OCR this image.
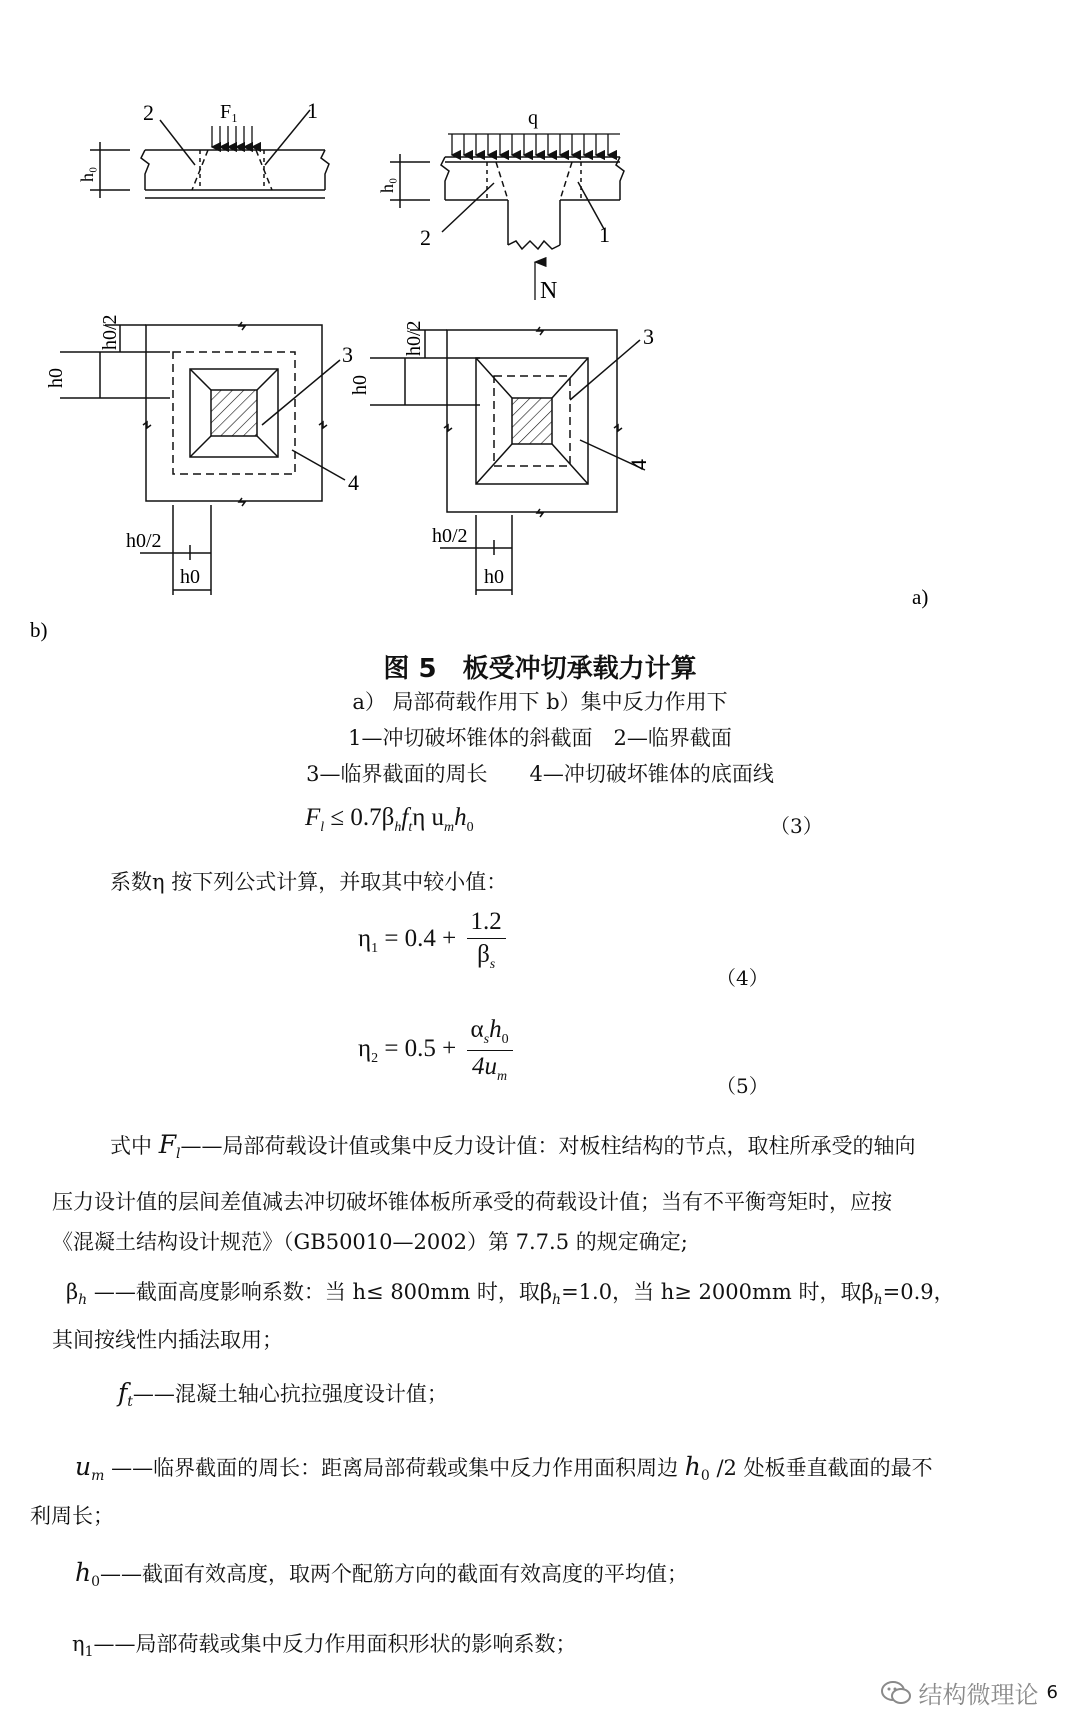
F₁
2	1
h₀
q
N
2	1
h₀
3
4
h0/2
h0
h0/2
h0
3
4
h0/2
h0
h0/2
h0
a)
b)
图 5　板受冲切承载力计算
a） 局部荷载作用下 b）集中反力作用下
1—冲切破坏锥体的斜截面　2—临界截面
3—临界截面的周长　　4—冲切破坏锥体的底面线
$F_l \le 0.7\beta_hf_t\eta$ $u_mh_0$	（3）
系数η 按下列公式计算，并取其中较小值：
$\eta_1 = 0.4 + \frac{1.2}{\beta_s}$
（4）
$\eta_2 = 0.5 + \frac{\alpha_sh_0}{4u_m}$
（5）
式中 $F_l——$局部荷载设计值或集中反力设计值：对板柱结构的节点，取柱所承受的轴向
压力设计值的层间差值减去冲切破坏锥体板所承受的荷载设计值；当有不平衡弯矩时，应按
《混凝土结构设计规范》（GB50010—2002）第 7.7.5 的规定确定;
$\beta_h$ ——截面高度影响系数：当 h≤ 800mm 时，取$\beta_h=1.0$，当 h≥ 2000mm 时，取$\beta_h=0.9$，
其间按线性内插法取用；
$f_t——$混凝土轴心抗拉强度设计值；
$u_m$ ——临界截面的周长：距离局部荷载或集中反力作用面积周边 $h_0$ /2 处板垂直截面的最不
利周长；
$h_0——$截面有效高度，取两个配筋方向的截面有效高度的平均值；
$\eta_1——$局部荷载或集中反力作用面积形状的影响系数；
结构微理论 6
